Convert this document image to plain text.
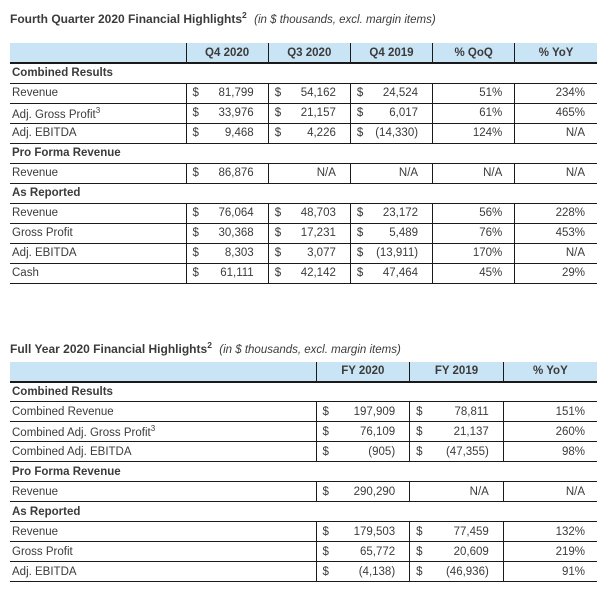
Fourth Quarter 2020 Financial Highlights$^2$ (in $ thousands, excl. margin items)
	Q4 2020	Q3 2020	Q4 2019	% QoQ	% YoY
Combined Results					
Revenue	$ 81,799	$ 54,162	$ 24,524	51%	234%
Adj. Gross Profit$^3$	$ 33,976	$ 21,157	$ 6,017	61%	465%
Adj. EBITDA	$ 9,468	$ 4,226	$ (14,330)	124%	N/A
Pro Forma Revenue					
Revenue	$ 86,876	N/A	N/A	N/A	N/A
As Reported					
Revenue	$ 76,064	$ 48,703	$ 23,172	56%	228%
Gross Profit	$ 30,368	$ 17,231	$ 5,489	76%	453%
Adj. EBITDA	$ 8,303	$ 3,077	$ (13,911)	170%	N/A
Cash	$ 61,111	$ 42,142	$ 47,464	45%	29%
Full Year 2020 Financial Highlights$^2$ (in $ thousands, excl. margin items)
	FY 2020	FY 2019	% YoY
Combined Results			
Combined Revenue	$ 197,909	$ 78,811	151%
Combined Adj. Gross Profit$^3$	$ 76,109	$ 21,137	260%
Combined Adj. EBITDA	$ (905)	$ (47,355)	98%
Pro Forma Revenue			
Revenue	$ 290,290	N/A	N/A
As Reported			
Revenue	$ 179,503	$ 77,459	132%
Gross Profit	$ 65,772	$ 20,609	219%
Adj. EBITDA	$ (4,138)	$ (46,936)	91%
